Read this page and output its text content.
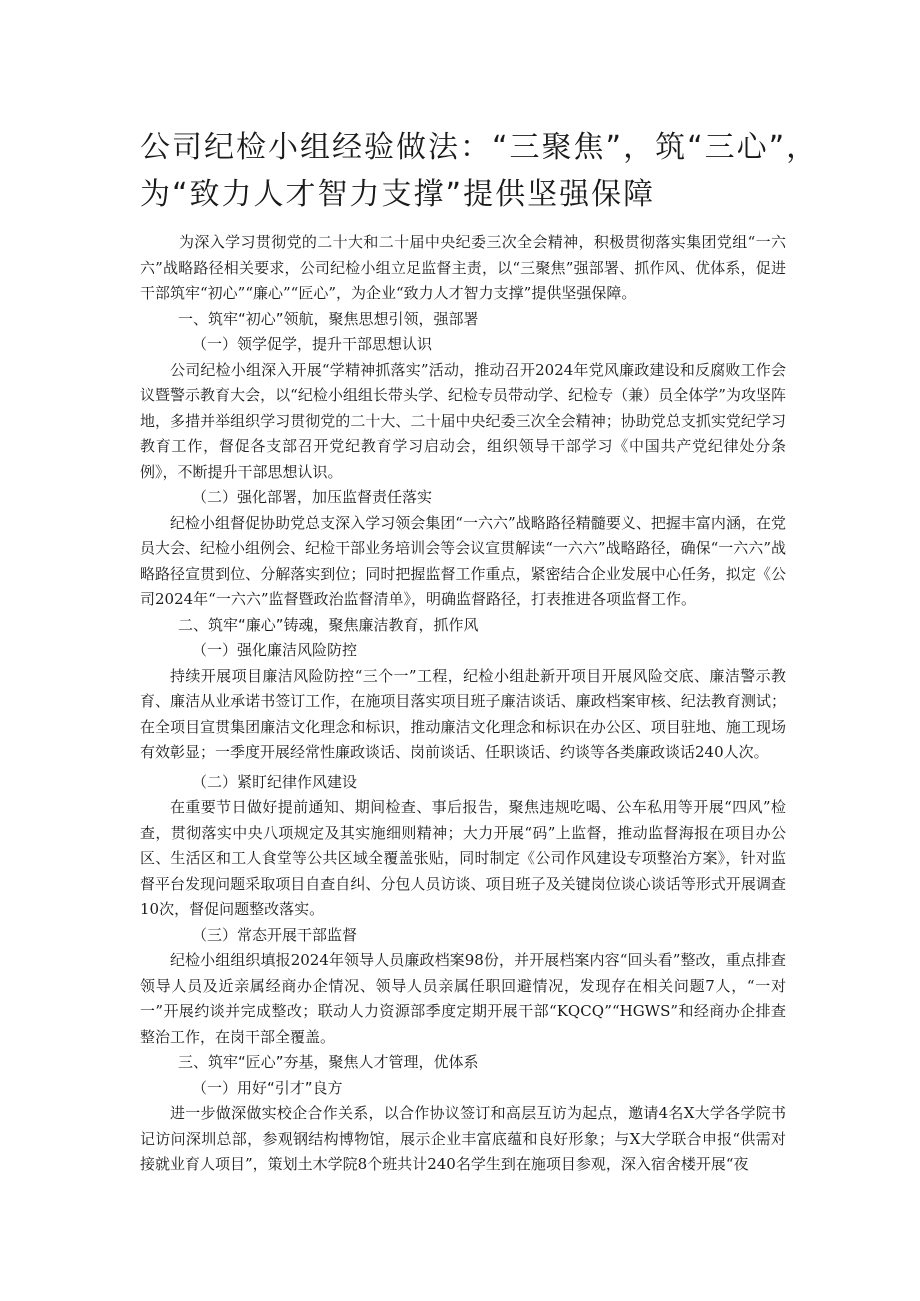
公司纪检小组经验做法：“三聚焦”，筑“三心”，
为“致力人才智力支撑”提供坚强保障

为深入学习贯彻党的二十大和二十届中央纪委三次全会精神，积极贯彻落实集团党组“一六六”战略路径相关要求，公司纪检小组立足监督主责，以“三聚焦”强部署、抓作风、优体系，促进干部筑牢“初心”“廉心”“匠心”，为企业“致力人才智力支撑”提供坚强保障。

一、筑牢“初心”领航，聚焦思想引领，强部署

（一）领学促学，提升干部思想认识

公司纪检小组深入开展“学精神抓落实”活动，推动召开2024年党风廉政建设和反腐败工作会议暨警示教育大会，以“纪检小组组长带头学、纪检专员带动学、纪检专（兼）员全体学”为攻坚阵地，多措并举组织学习贯彻党的二十大、二十届中央纪委三次全会精神；协助党总支抓实党纪学习教育工作，督促各支部召开党纪教育学习启动会，组织领导干部学习《中国共产党纪律处分条例》，不断提升干部思想认识。

（二）强化部署，加压监督责任落实

纪检小组督促协助党总支深入学习领会集团“一六六”战略路径精髓要义、把握丰富内涵，在党员大会、纪检小组例会、纪检干部业务培训会等会议宣贯解读“一六六”战略路径，确保“一六六”战略路径宣贯到位、分解落实到位；同时把握监督工作重点，紧密结合企业发展中心任务，拟定《公司2024年“一六六”监督暨政治监督清单》，明确监督路径，打表推进各项监督工作。

二、筑牢“廉心”铸魂，聚焦廉洁教育，抓作风

（一）强化廉洁风险防控

持续开展项目廉洁风险防控“三个一”工程，纪检小组赴新开项目开展风险交底、廉洁警示教育、廉洁从业承诺书签订工作，在施项目落实项目班子廉洁谈话、廉政档案审核、纪法教育测试；在全项目宣贯集团廉洁文化理念和标识，推动廉洁文化理念和标识在办公区、项目驻地、施工现场有效彰显；一季度开展经常性廉政谈话、岗前谈话、任职谈话、约谈等各类廉政谈话240人次。

（二）紧盯纪律作风建设

在重要节日做好提前通知、期间检查、事后报告，聚焦违规吃喝、公车私用等开展“四风”检查，贯彻落实中央八项规定及其实施细则精神；大力开展“码”上监督，推动监督海报在项目办公区、生活区和工人食堂等公共区域全覆盖张贴，同时制定《公司作风建设专项整治方案》，针对监督平台发现问题采取项目自查自纠、分包人员访谈、项目班子及关键岗位谈心谈话等形式开展调查10次，督促问题整改落实。

（三）常态开展干部监督

纪检小组组织填报2024年领导人员廉政档案98份，并开展档案内容“回头看”整改，重点排查领导人员及近亲属经商办企情况、领导人员亲属任职回避情况，发现存在相关问题7人，“一对一”开展约谈并完成整改；联动人力资源部季度定期开展干部“KQCQ”“HGWS”和经商办企排查整治工作，在岗干部全覆盖。

三、筑牢“匠心”夯基，聚焦人才管理，优体系

（一）用好“引才”良方

进一步做深做实校企合作关系，以合作协议签订和高层互访为起点，邀请4名X大学各学院书记访问深圳总部，参观钢结构博物馆，展示企业丰富底蕴和良好形象；与X大学联合申报“供需对接就业育人项目”，策划土木学院8个班共计240名学生到在施项目参观，深入宿舍楼开展“夜
